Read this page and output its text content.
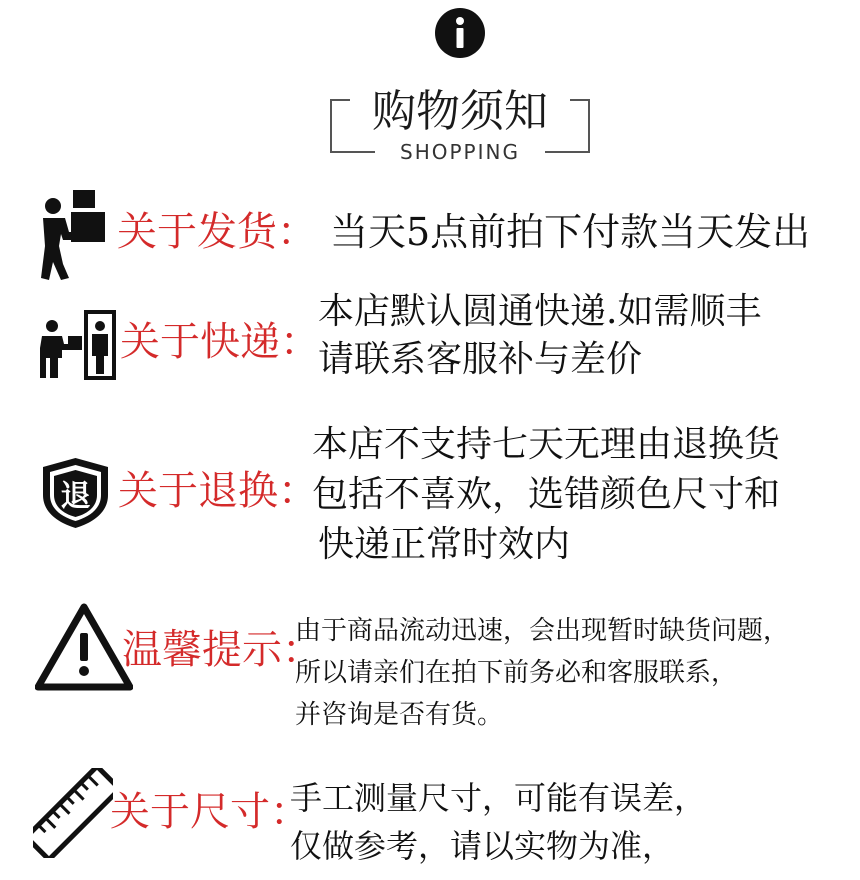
购物须知
SHOPPING
关于发货： 当天5点前拍下付款当天发出
关于快递：
本店默认圆通快递.如需顺丰
请联系客服补与差价
退 关于退换：
本店不支持七天无理由退换货
包括不喜欢，选错颜色尺寸和
快递正常时效内
温馨提示：
由于商品流动迅速，会出现暂时缺货问题，
所以请亲们在拍下前务必和客服联系，
并咨询是否有货。
关于尺寸：
手工测量尺寸，可能有误差，
仅做参考，请以实物为准，
